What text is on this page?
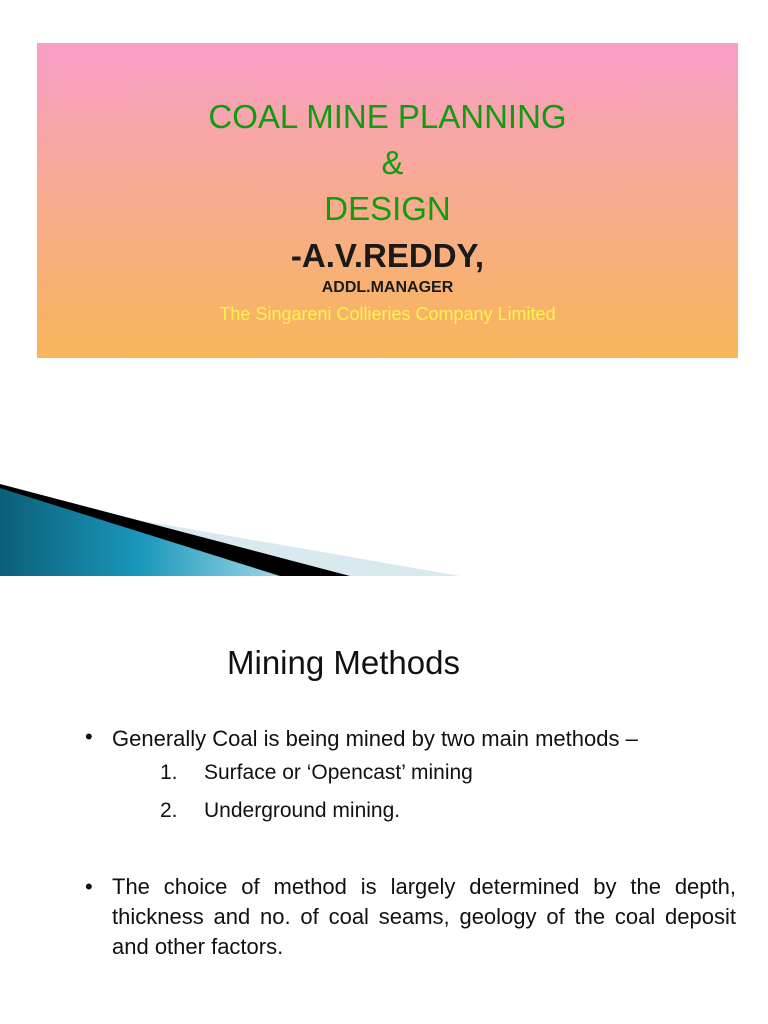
COAL MINE PLANNING
&
DESIGN
-A.V.REDDY,
ADDL.MANAGER
The Singareni Collieries Company Limited
Mining Methods
• Generally Coal is being mined by two main methods –
1. Surface or ‘Opencast’ mining
2. Underground mining.
• The choice of method is largely determined by the depth, thickness and no. of coal seams, geology of the coal deposit and other factors.
